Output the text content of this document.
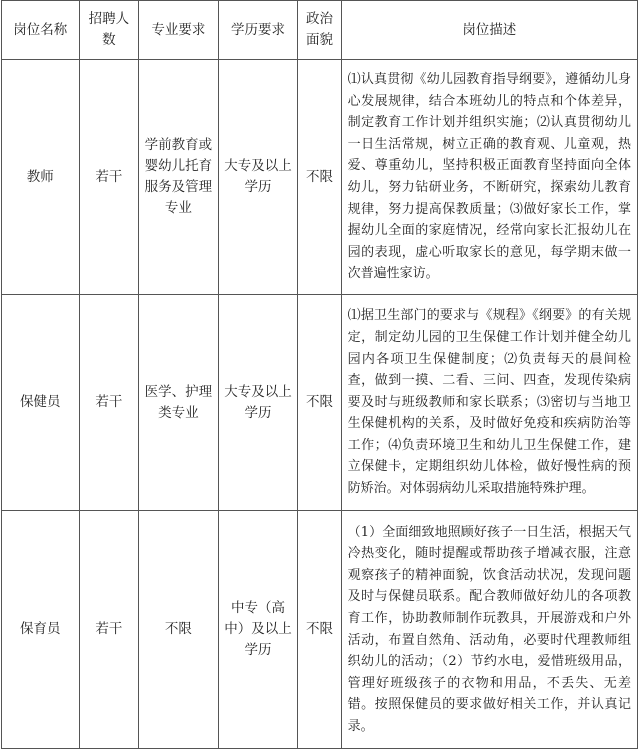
岗位名称	招聘人数	专业要求	学历要求	政治面貌	岗位描述
教师	若干	学前教育或婴幼儿托育服务及管理专业	大专及以上学历	不限	⑴认真贯彻《幼儿园教育指导纲要》，遵循幼儿身心发展规律，结合本班幼儿的特点和个体差异，制定教育工作计划并组织实施；⑵认真贯彻幼儿一日生活常规，树立正确的教育观、儿童观，热爱、尊重幼儿，坚持积极正面教育坚持面向全体幼儿，努力钻研业务，不断研究，探索幼儿教育规律，努力提高保教质量；⑶做好家长工作，掌握幼儿全面的家庭情况，经常向家长汇报幼儿在园的表现，虚心听取家长的意见，每学期末做一次普遍性家访。
保健员	若干	医学、护理类专业	大专及以上学历	不限	⑴据卫生部门的要求与《规程》《纲要》的有关规定，制定幼儿园的卫生保健工作计划并健全幼儿园内各项卫生保健制度；⑵负责每天的晨间检查，做到一摸、二看、三问、四查，发现传染病要及时与班级教师和家长联系；⑶密切与当地卫生保健机构的关系，及时做好免疫和疾病防治等工作；⑷负责环境卫生和幼儿卫生保健工作，建立保健卡，定期组织幼儿体检，做好慢性病的预防矫治。对体弱病幼儿采取措施特殊护理。
保育员	若干	不限	中专（高中）及以上学历	不限	（1）全面细致地照顾好孩子一日生活，根据天气冷热变化，随时提醒或帮助孩子增减衣服，注意观察孩子的精神面貌，饮食活动状况，发现问题及时与保健员联系。配合教师做好幼儿的各项教育工作，协助教师制作玩教具，开展游戏和户外活动，布置自然角、活动角，必要时代理教师组织幼儿的活动；（2）节约水电，爱惜班级用品，管理好班级孩子的衣物和用品，不丢失、无差错。按照保健员的要求做好相关工作，并认真记录。
